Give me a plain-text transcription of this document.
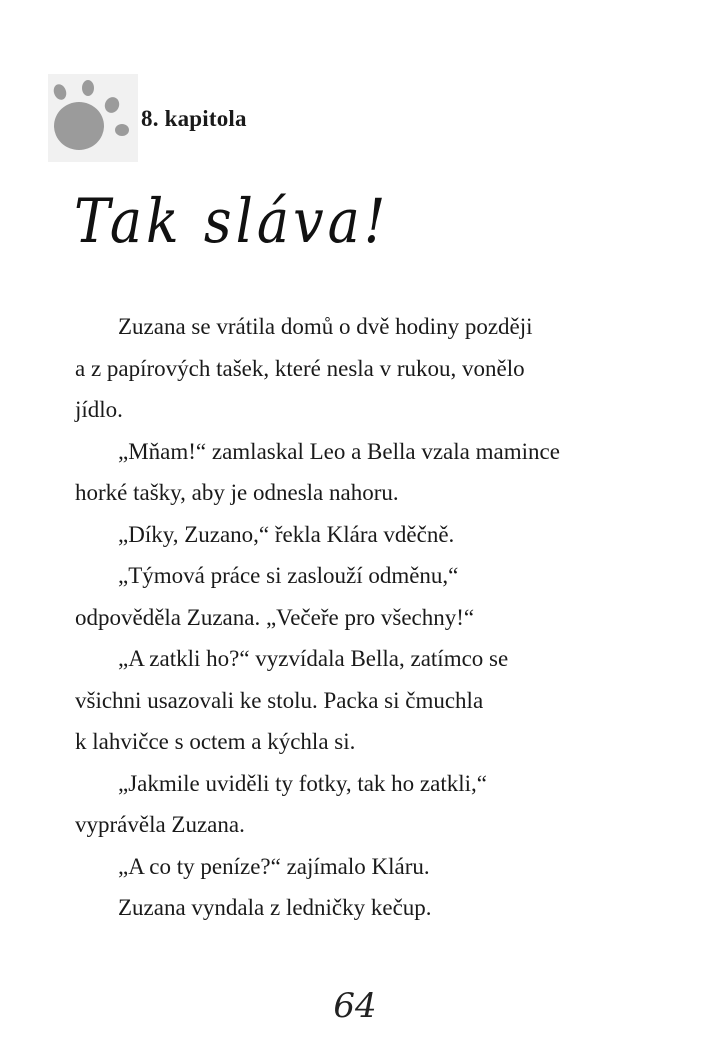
8. kapitola
Tak sláva!
Zuzana se vrátila domů o dvě hodiny později
a z papírových tašek, které nesla v rukou, vonělo
jídlo.
„Mňam!“ zamlaskal Leo a Bella vzala mamince
horké tašky, aby je odnesla nahoru.
„Díky, Zuzano,“ řekla Klára vděčně.
„Týmová práce si zaslouží odměnu,“
odpověděla Zuzana. „Večeře pro všechny!“
„A zatkli ho?“ vyzvídala Bella, zatímco se
všichni usazovali ke stolu. Packa si čmuchla
k lahvičce s octem a kýchla si.
„Jakmile uviděli ty fotky, tak ho zatkli,“
vyprávěla Zuzana.
„A co ty peníze?“ zajímalo Kláru.
Zuzana vyndala z ledničky kečup.
64
